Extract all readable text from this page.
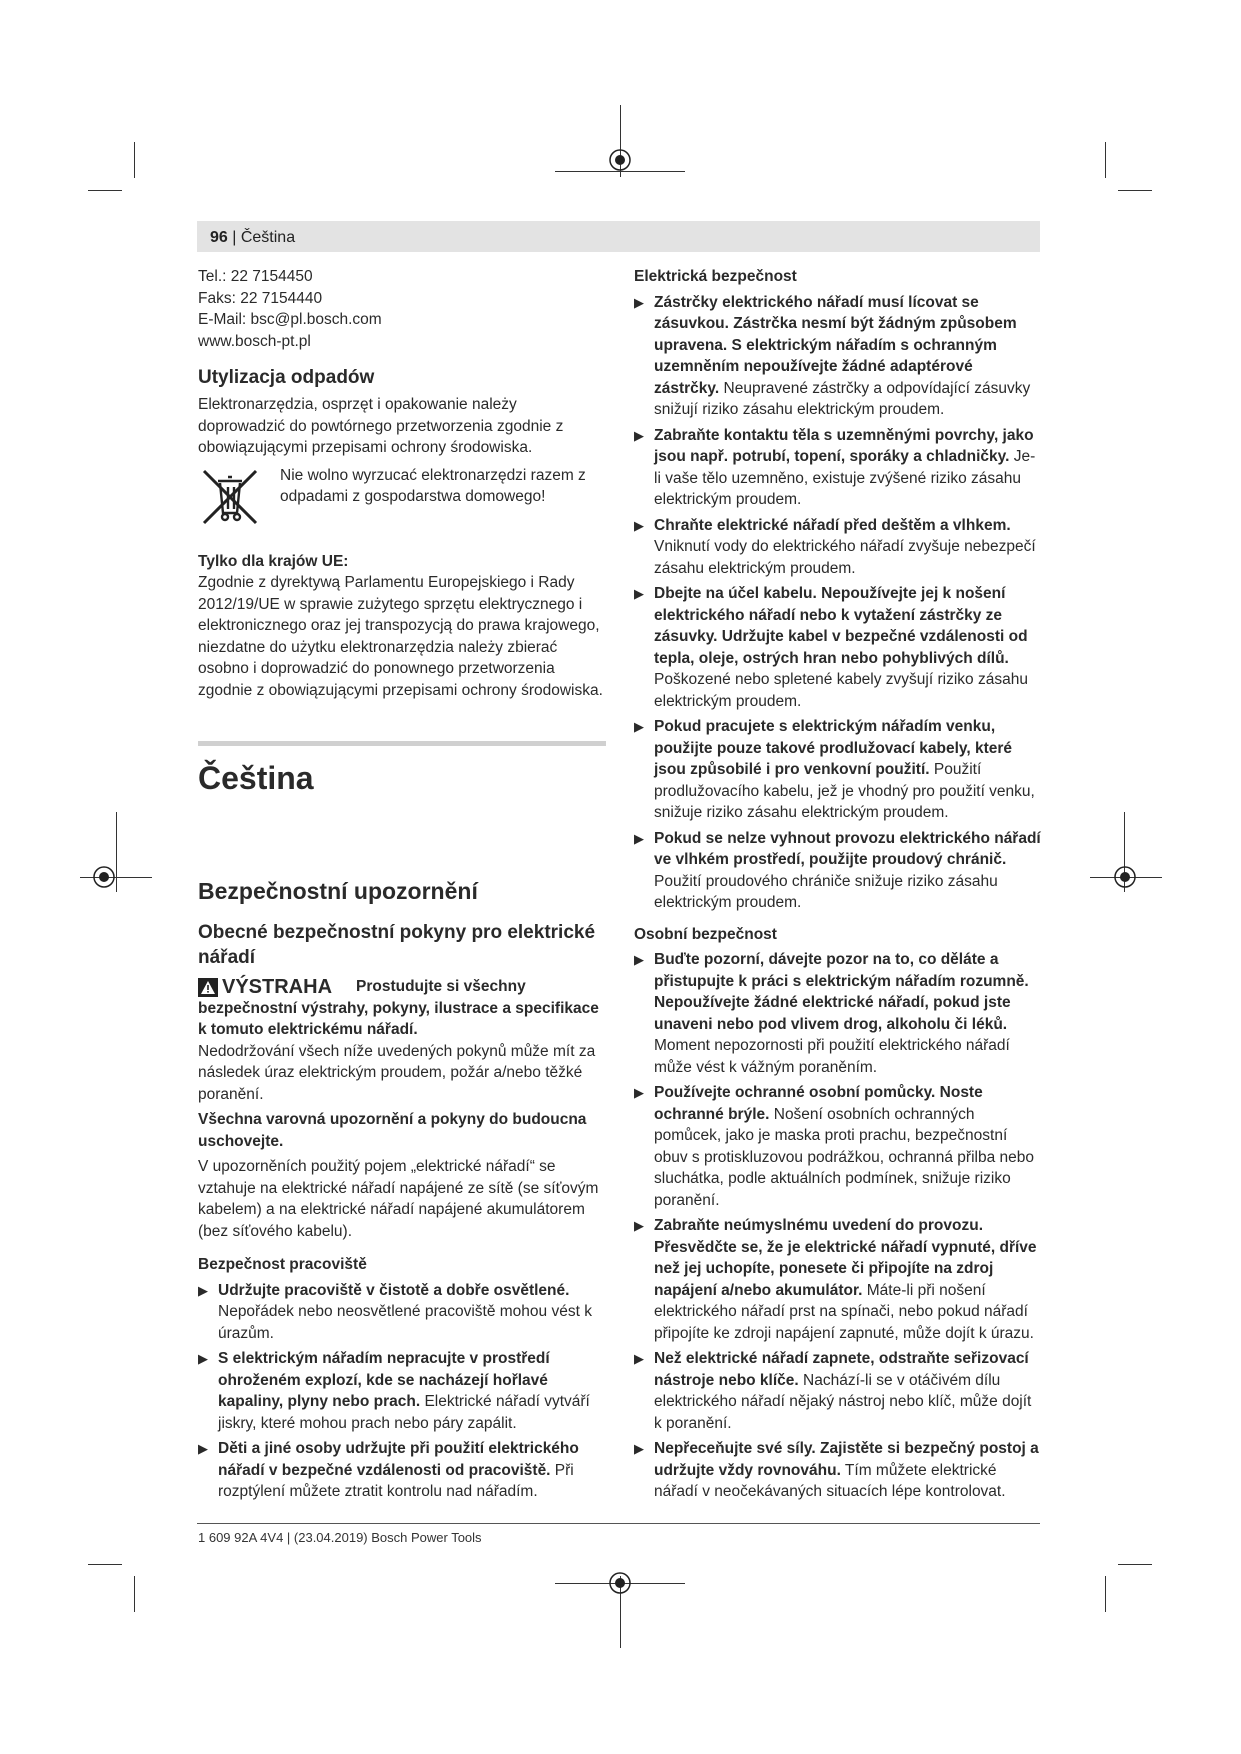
96 | Čeština

Tel.: 22 7154450

Faks: 22 7154440

E-Mail: bsc@pl.bosch.com

www.bosch-pt.pl

Utylizacja odpadów

Elektronarzędzia, osprzęt i opakowanie należy doprowadzić do powtórnego przetworzenia zgodnie z obowiązującymi przepisami ochrony środowiska.

Nie wolno wyrzucać elektronarzędzi razem z odpadami z gospodarstwa domowego!

Tylko dla krajów UE:

Zgodnie z dyrektywą Parlamentu Europejskiego i Rady 2012/19/UE w sprawie zużytego sprzętu elektrycznego i elektronicznego oraz jej transpozycją do prawa krajowego, niezdatne do użytku elektronarzędzia należy zbierać osobno i doprowadzić do ponownego przetworzenia zgodnie z obowiązującymi przepisami ochrony środowiska.

Čeština
Bezpečnostní upozornění
Obecné bezpečnostní pokyny pro elektrické nářadí
VÝSTRAHA	Prostudujte si všechny bezpečnostní výstrahy, pokyny, ilustrace a specifikace k tomuto elektrickému nářadí.

Nedodržování všech níže uvedených pokynů může mít za následek úraz elektrickým proudem, požár a/nebo těžké poranění.

Všechna varovná upozornění a pokyny do budoucna uschovejte.

V upozorněních použitý pojem „elektrické nářadí“ se vztahuje na elektrické nářadí napájené ze sítě (se síťovým kabelem) a na elektrické nářadí napájené akumulátorem (bez síťového kabelu).

Bezpečnost pracoviště
▶ Udržujte pracoviště v čistotě a dobře osvětlené. Nepořádek nebo neosvětlené pracoviště mohou vést k úrazům.
▶ S elektrickým nářadím nepracujte v prostředí ohroženém explozí, kde se nacházejí hořlavé kapaliny, plyny nebo prach. Elektrické nářadí vytváří jiskry, které mohou prach nebo páry zapálit.
▶ Děti a jiné osoby udržujte při použití elektrického nářadí v bezpečné vzdálenosti od pracoviště. Při rozptýlení můžete ztratit kontrolu nad nářadím.
Elektrická bezpečnost
▶ Zástrčky elektrického nářadí musí lícovat se zásuvkou. Zástrčka nesmí být žádným způsobem upravena. S elektrickým nářadím s ochranným uzemněním nepoužívejte žádné adaptérové zástrčky. Neupravené zástrčky a odpovídající zásuvky snižují riziko zásahu elektrickým proudem.
▶ Zabraňte kontaktu těla s uzemněnými povrchy, jako jsou např. potrubí, topení, sporáky a chladničky. Je-li vaše tělo uzemněno, existuje zvýšené riziko zásahu elektrickým proudem.
▶ Chraňte elektrické nářadí před deštěm a vlhkem. Vniknutí vody do elektrického nářadí zvyšuje nebezpečí zásahu elektrickým proudem.
▶ Dbejte na účel kabelu. Nepoužívejte jej k nošení elektrického nářadí nebo k vytažení zástrčky ze zásuvky. Udržujte kabel v bezpečné vzdálenosti od tepla, oleje, ostrých hran nebo pohyblivých dílů. Poškozené nebo spletené kabely zvyšují riziko zásahu elektrickým proudem.
▶ Pokud pracujete s elektrickým nářadím venku, použijte pouze takové prodlužovací kabely, které jsou způsobilé i pro venkovní použití. Použití prodlužovacího kabelu, jež je vhodný pro použití venku, snižuje riziko zásahu elektrickým proudem.
▶ Pokud se nelze vyhnout provozu elektrického nářadí ve vlhkém prostředí, použijte proudový chránič. Použití proudového chrániče snižuje riziko zásahu elektrickým proudem.
Osobní bezpečnost
▶ Buďte pozorní, dávejte pozor na to, co děláte a přistupujte k práci s elektrickým nářadím rozumně. Nepoužívejte žádné elektrické nářadí, pokud jste unaveni nebo pod vlivem drog, alkoholu či léků. Moment nepozornosti při použití elektrického nářadí může vést k vážným poraněním.
▶ Používejte ochranné osobní pomůcky. Noste ochranné brýle. Nošení osobních ochranných pomůcek, jako je maska proti prachu, bezpečnostní obuv s protiskluzovou podrážkou, ochranná přilba nebo sluchátka, podle aktuálních podmínek, snižuje riziko poranění.
▶ Zabraňte neúmyslnému uvedení do provozu. Přesvědčte se, že je elektrické nářadí vypnuté, dříve než jej uchopíte, ponesete či připojíte na zdroj napájení a/nebo akumulátor. Máte-li při nošení elektrického nářadí prst na spínači, nebo pokud nářadí připojíte ke zdroji napájení zapnuté, může dojít k úrazu.
▶ Než elektrické nářadí zapnete, odstraňte seřizovací nástroje nebo klíče. Nachází-li se v otáčivém dílu elektrického nářadí nějaký nástroj nebo klíč, může dojít k poranění.
▶ Nepřeceňujte své síly. Zajistěte si bezpečný postoj a udržujte vždy rovnováhu. Tím můžete elektrické nářadí v neočekávaných situacích lépe kontrolovat.
1 609 92A 4V4 | (23.04.2019) Bosch Power Tools
